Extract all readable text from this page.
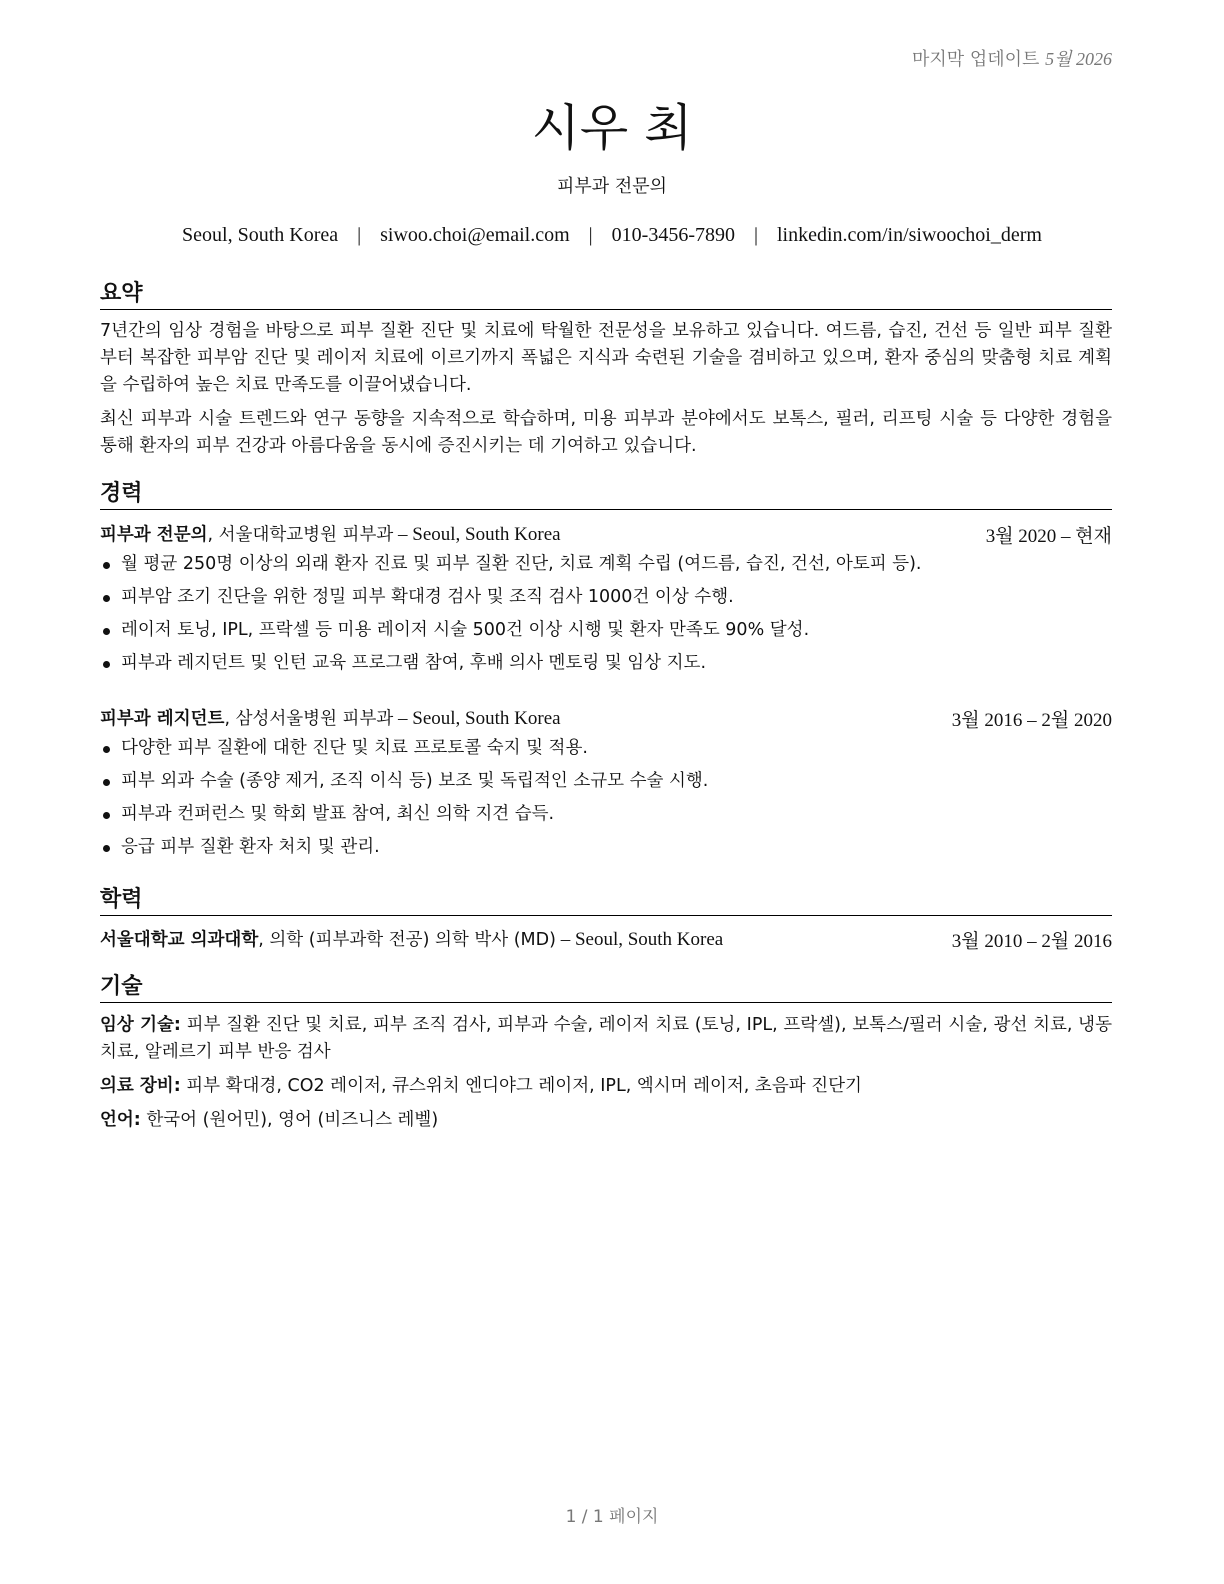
마지막 업데이트 5월 2026
시우 최
피부과 전문의
Seoul, South Korea | siwoo.choi@email.com | 010-3456-7890 | linkedin.com/in/siwoochoi_derm
요약
7년간의 임상 경험을 바탕으로 피부 질환 진단 및 치료에 탁월한 전문성을 보유하고 있습니다. 여드름, 습진, 건선 등 일반 피부 질환부터 복잡한 피부암 진단 및 레이저 치료에 이르기까지 폭넓은 지식과 숙련된 기술을 겸비하고 있으며, 환자 중심의 맞춤형 치료 계획을 수립하여 높은 치료 만족도를 이끌어냈습니다.
최신 피부과 시술 트렌드와 연구 동향을 지속적으로 학습하며, 미용 피부과 분야에서도 보톡스, 필러, 리프팅 시술 등 다양한 경험을 통해 환자의 피부 건강과 아름다움을 동시에 증진시키는 데 기여하고 있습니다.
경력
피부과 전문의, 서울대학교병원 피부과 – Seoul, South Korea	3월 2020 – 현재
월 평균 250명 이상의 외래 환자 진료 및 피부 질환 진단, 치료 계획 수립 (여드름, 습진, 건선, 아토피 등).
피부암 조기 진단을 위한 정밀 피부 확대경 검사 및 조직 검사 1000건 이상 수행.
레이저 토닝, IPL, 프락셀 등 미용 레이저 시술 500건 이상 시행 및 환자 만족도 90% 달성.
피부과 레지던트 및 인턴 교육 프로그램 참여, 후배 의사 멘토링 및 임상 지도.
피부과 레지던트, 삼성서울병원 피부과 – Seoul, South Korea	3월 2016 – 2월 2020
다양한 피부 질환에 대한 진단 및 치료 프로토콜 숙지 및 적용.
피부 외과 수술 (종양 제거, 조직 이식 등) 보조 및 독립적인 소규모 수술 시행.
피부과 컨퍼런스 및 학회 발표 참여, 최신 의학 지견 습득.
응급 피부 질환 환자 처치 및 관리.
학력
서울대학교 의과대학, 의학 (피부과학 전공) 의학 박사 (MD) – Seoul, South Korea	3월 2010 – 2월 2016
기술
임상 기술: 피부 질환 진단 및 치료, 피부 조직 검사, 피부과 수술, 레이저 치료 (토닝, IPL, 프락셀), 보톡스/필러 시술, 광선 치료, 냉동 치료, 알레르기 피부 반응 검사
의료 장비: 피부 확대경, CO2 레이저, 큐스위치 엔디야그 레이저, IPL, 엑시머 레이저, 초음파 진단기
언어: 한국어 (원어민), 영어 (비즈니스 레벨)
1 / 1 페이지
